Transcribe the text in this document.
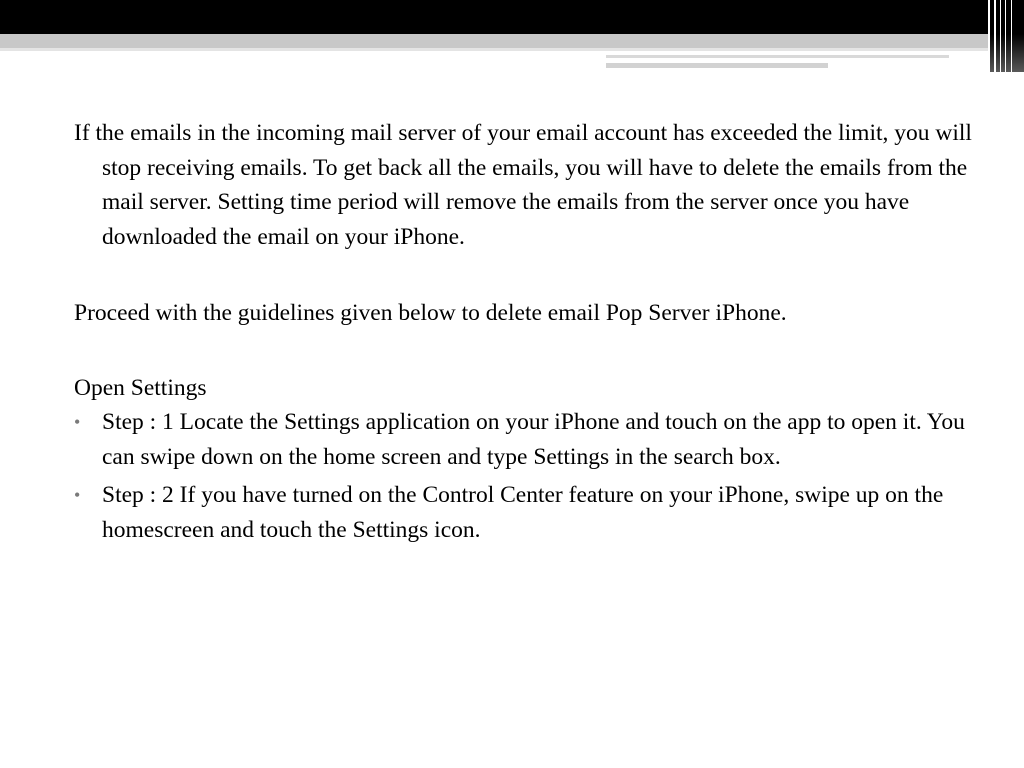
If the emails in the incoming mail server of your email account has exceeded the limit, you will stop receiving emails. To get back all the emails, you will have to delete the emails from the mail server. Setting time period will remove the emails from the server once you have downloaded the email on your iPhone.

Proceed with the guidelines given below to delete email Pop Server iPhone.

Open Settings

• Step : 1 Locate the Settings application on your iPhone and touch on the app to open it. You can swipe down on the home screen and type Settings in the search box.
• Step : 2 If you have turned on the Control Center feature on your iPhone, swipe up on the homescreen and touch the Settings icon.
